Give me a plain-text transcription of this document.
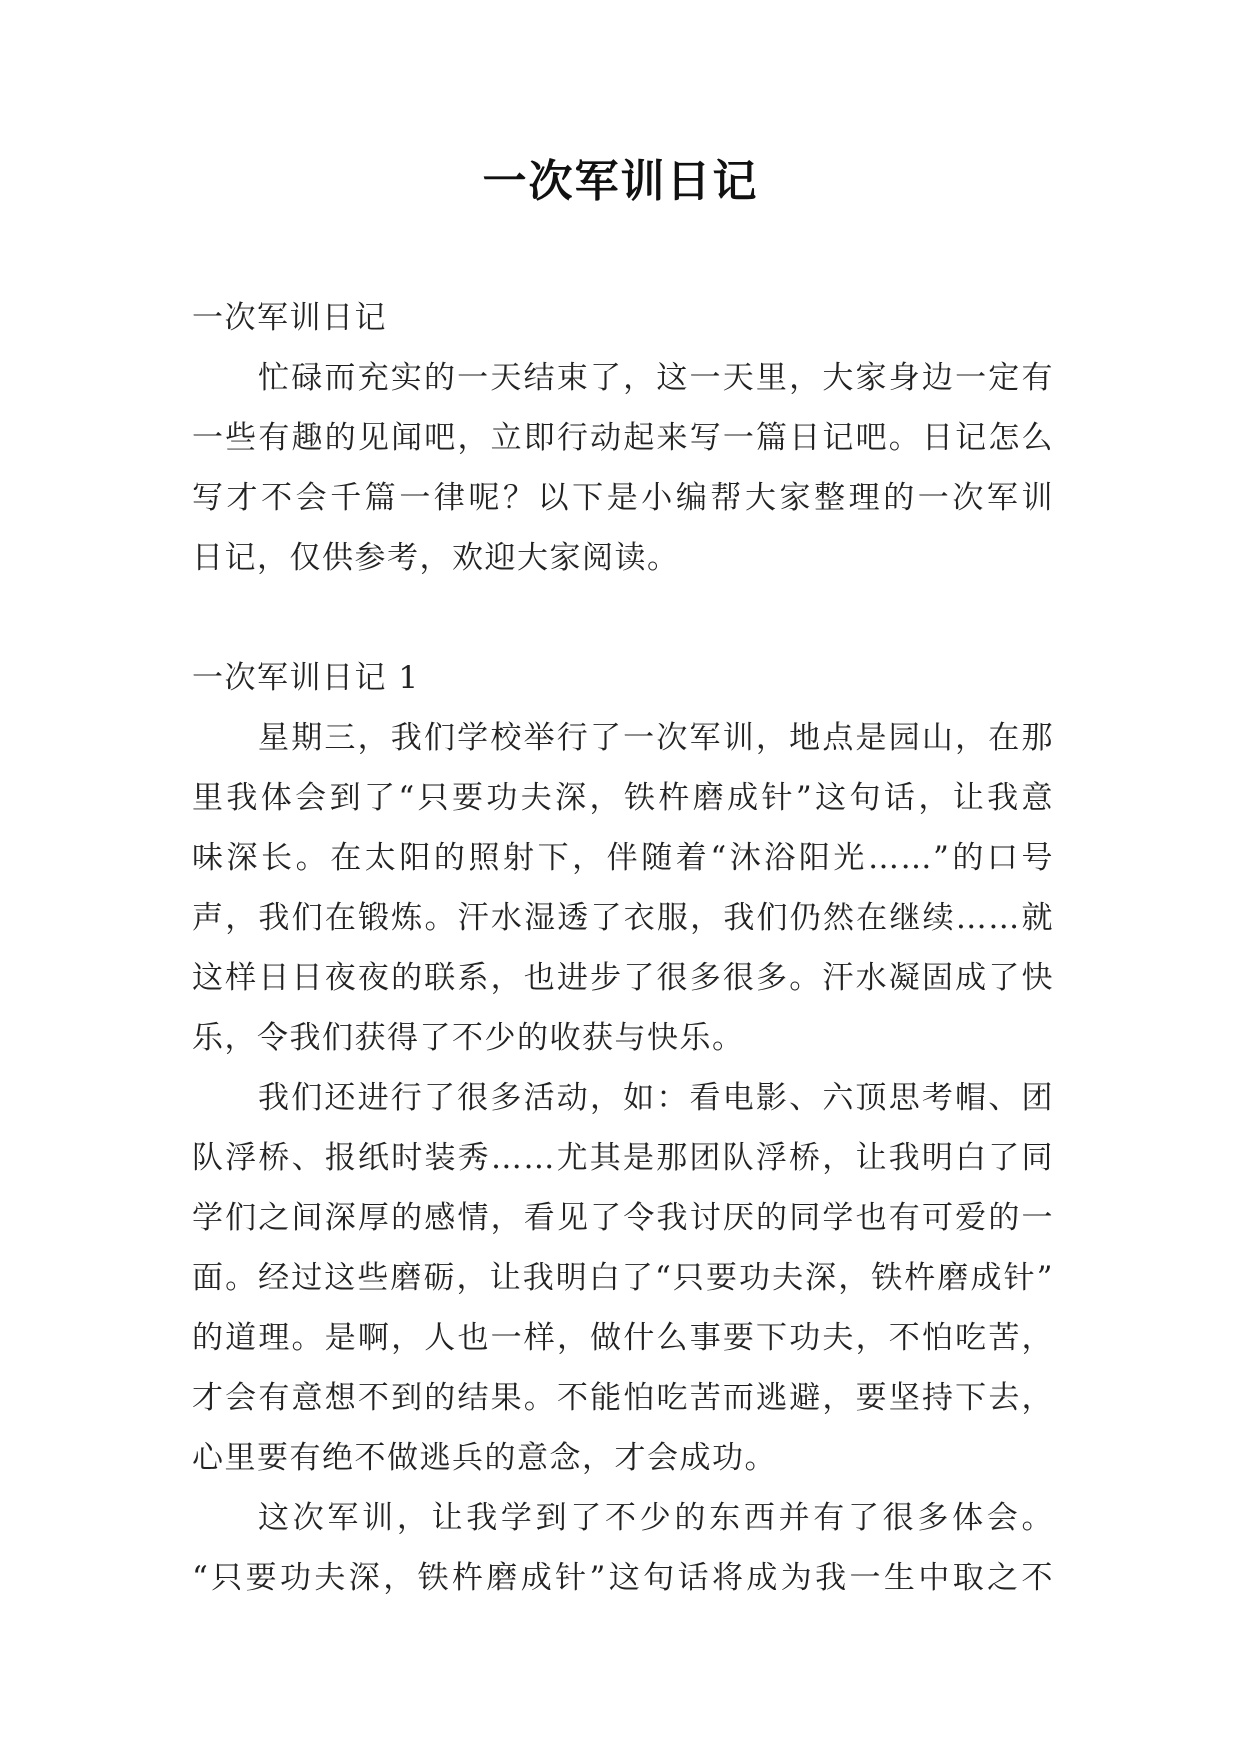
一次军训日记
一次军训日记
忙碌而充实的一天结束了，这一天里，大家身边一定有
一些有趣的见闻吧，立即行动起来写一篇日记吧。日记怎么
写才不会千篇一律呢？以下是小编帮大家整理的一次军训
日记，仅供参考，欢迎大家阅读。
一次军训日记 1
星期三，我们学校举行了一次军训，地点是园山，在那
里我体会到了“只要功夫深，铁杵磨成针”这句话，让我意
味深长。在太阳的照射下，伴随着“沐浴阳光……”的口号
声，我们在锻炼。汗水湿透了衣服，我们仍然在继续……就
这样日日夜夜的联系，也进步了很多很多。汗水凝固成了快
乐，令我们获得了不少的收获与快乐。
我们还进行了很多活动，如：看电影、六顶思考帽、团
队浮桥、报纸时装秀……尤其是那团队浮桥，让我明白了同
学们之间深厚的感情，看见了令我讨厌的同学也有可爱的一
面。经过这些磨砺，让我明白了“只要功夫深，铁杵磨成针”
的道理。是啊，人也一样，做什么事要下功夫，不怕吃苦，
才会有意想不到的结果。不能怕吃苦而逃避，要坚持下去，
心里要有绝不做逃兵的意念，才会成功。
这次军训，让我学到了不少的东西并有了很多体会。
“只要功夫深，铁杵磨成针”这句话将成为我一生中取之不
